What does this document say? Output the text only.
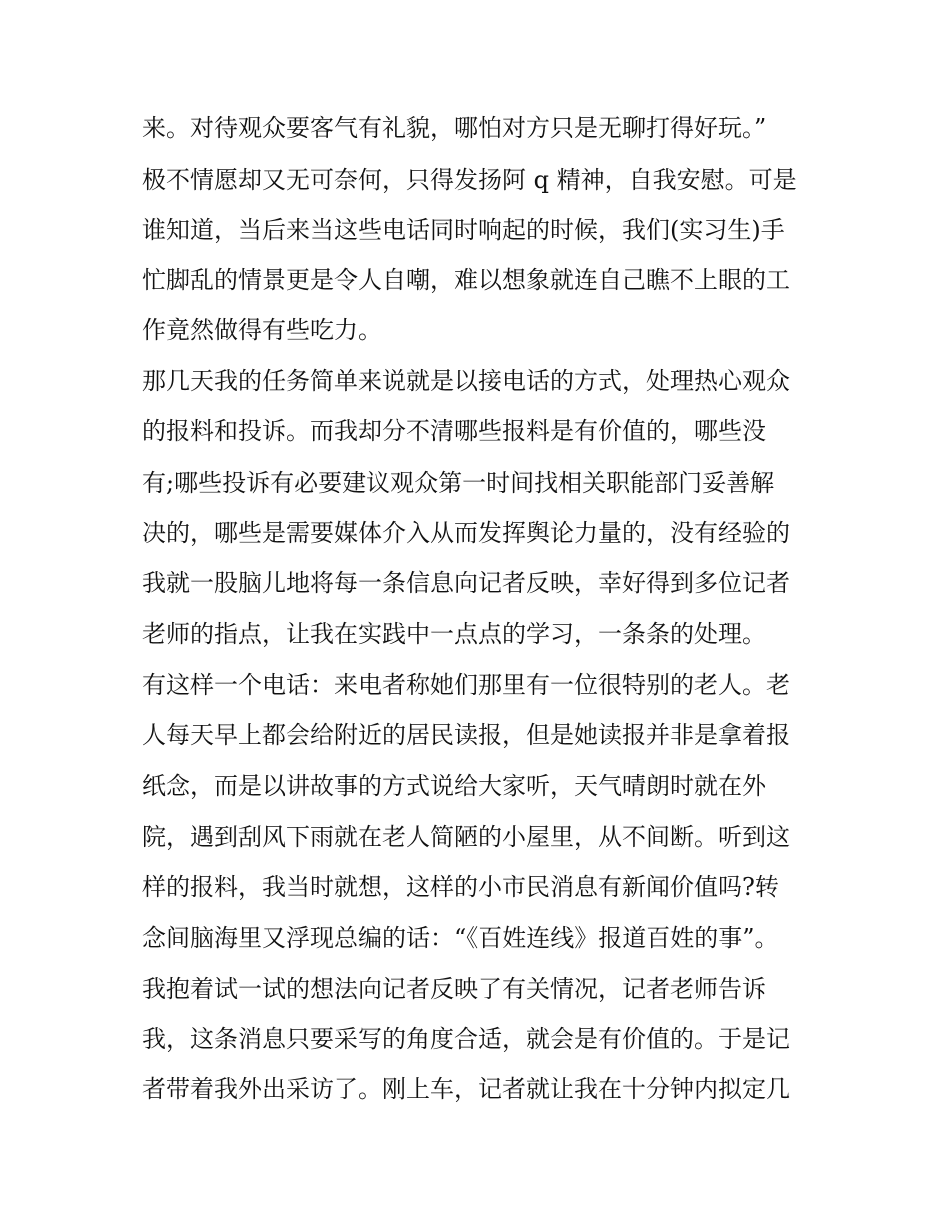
来。对待观众要客气有礼貌，哪怕对方只是无聊打得好玩。”
极不情愿却又无可奈何，只得发扬阿 q 精神，自我安慰。可是
谁知道，当后来当这些电话同时响起的时候，我们(实习生)手
忙脚乱的情景更是令人自嘲，难以想象就连自己瞧不上眼的工
作竟然做得有些吃力。
那几天我的任务简单来说就是以接电话的方式，处理热心观众
的报料和投诉。而我却分不清哪些报料是有价值的，哪些没
有;哪些投诉有必要建议观众第一时间找相关职能部门妥善解
决的，哪些是需要媒体介入从而发挥舆论力量的，没有经验的
我就一股脑儿地将每一条信息向记者反映，幸好得到多位记者
老师的指点，让我在实践中一点点的学习，一条条的处理。
有这样一个电话：来电者称她们那里有一位很特别的老人。老
人每天早上都会给附近的居民读报，但是她读报并非是拿着报
纸念，而是以讲故事的方式说给大家听，天气晴朗时就在外
院，遇到刮风下雨就在老人简陋的小屋里，从不间断。听到这
样的报料，我当时就想，这样的小市民消息有新闻价值吗?转
念间脑海里又浮现总编的话：“《百姓连线》报道百姓的事”。
我抱着试一试的想法向记者反映了有关情况，记者老师告诉
我，这条消息只要采写的角度合适，就会是有价值的。于是记
者带着我外出采访了。刚上车，记者就让我在十分钟内拟定几
